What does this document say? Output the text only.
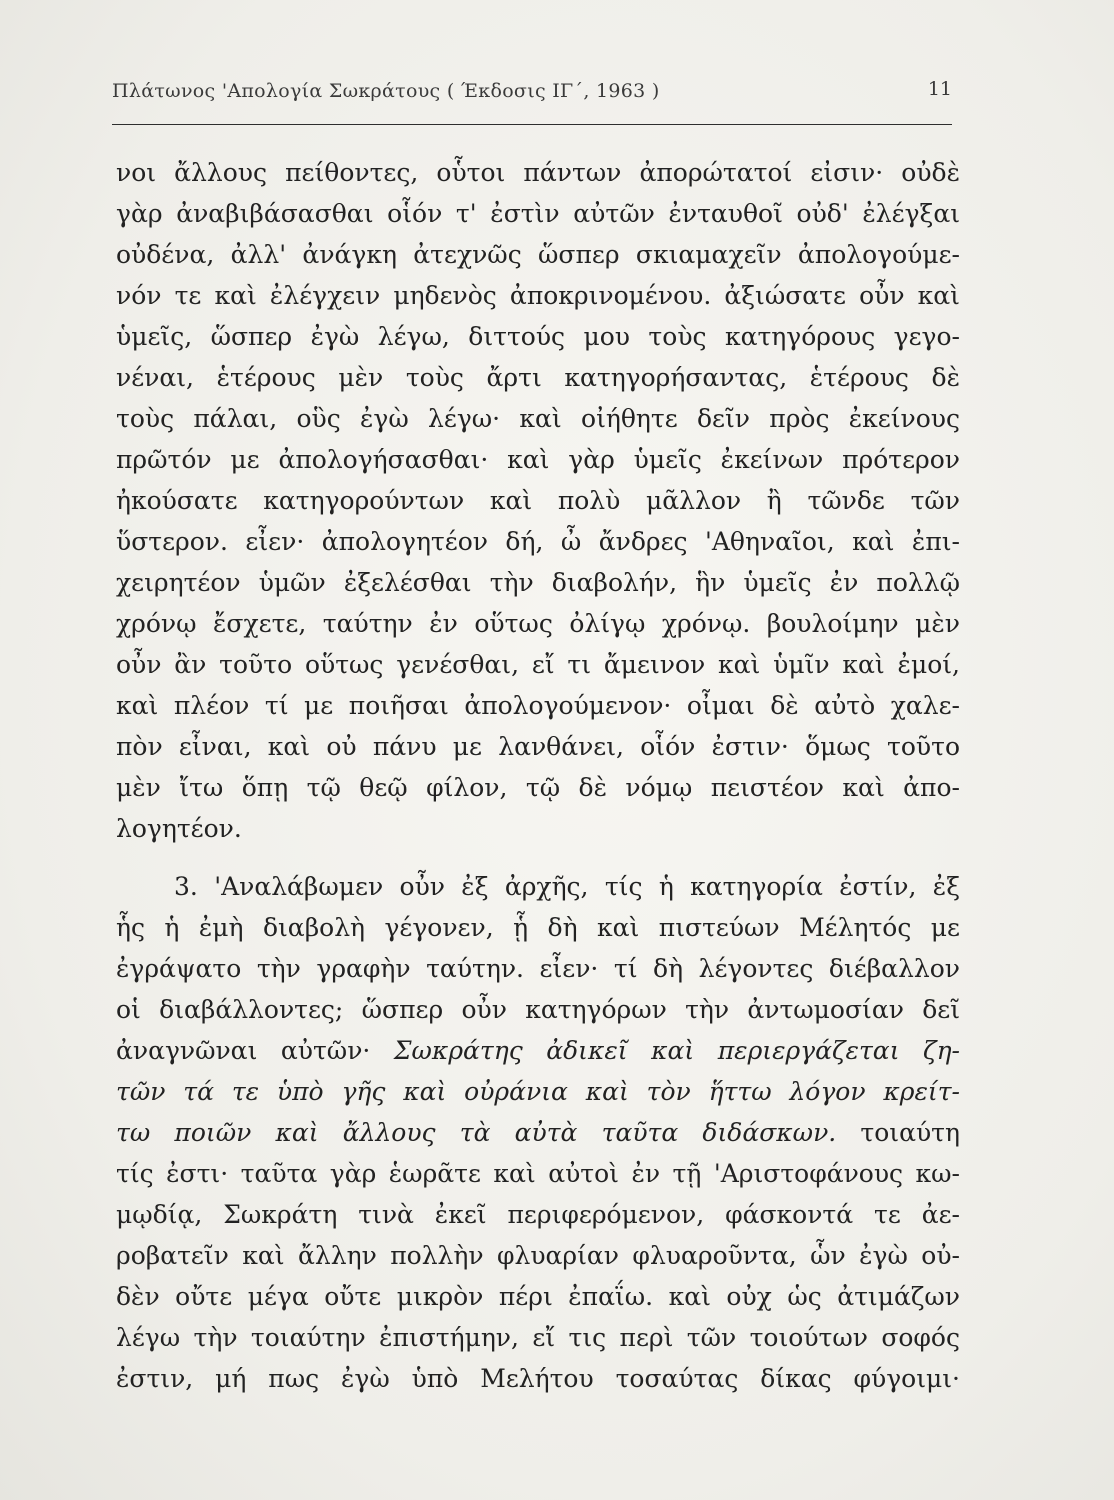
Πλάτωνος 'Απολογία Σωκράτους ( Έκδοσις ΙΓ΄, 1963 )	11
νοι ἄλλους πείθοντες, οὗτοι πάντων ἀπορώτατοί εἰσιν· οὐδὲ
γὰρ ἀναβιβάσασθαι οἷόν τ' ἐστὶν αὐτῶν ἐνταυθοῖ οὐδ' ἐλέγξαι
οὐδένα, ἀλλ' ἀνάγκη ἀτεχνῶς ὥσπερ σκιαμαχεῖν ἀπολογούμε-
νόν τε καὶ ἐλέγχειν μηδενὸς ἀποκρινομένου. ἀξιώσατε οὖν καὶ
ὑμεῖς, ὥσπερ ἐγὼ λέγω, διττούς μου τοὺς κατηγόρους γεγο-
νέναι, ἑτέρους μὲν τοὺς ἄρτι κατηγορήσαντας, ἑτέρους δὲ
τοὺς πάλαι, οὓς ἐγὼ λέγω· καὶ οἰήθητε δεῖν πρὸς ἐκείνους
πρῶτόν με ἀπολογήσασθαι· καὶ γὰρ ὑμεῖς ἐκείνων πρότερον
ἠκούσατε κατηγορούντων καὶ πολὺ μᾶλλον ἢ τῶνδε τῶν
ὕστερον. εἶεν· ἀπολογητέον δή, ὦ ἄνδρες 'Αθηναῖοι, καὶ ἐπι-
χειρητέον ὑμῶν ἐξελέσθαι τὴν διαβολήν, ἣν ὑμεῖς ἐν πολλῷ
χρόνῳ ἔσχετε, ταύτην ἐν οὕτως ὀλίγῳ χρόνῳ. βουλοίμην μὲν
οὖν ἂν τοῦτο οὕτως γενέσθαι, εἴ τι ἄμεινον καὶ ὑμῖν καὶ ἐμοί,
καὶ πλέον τί με ποιῆσαι ἀπολογούμενον· οἶμαι δὲ αὐτὸ χαλε-
πὸν εἶναι, καὶ οὐ πάνυ με λανθάνει, οἷόν ἐστιν· ὅμως τοῦτο
μὲν ἴτω ὅπῃ τῷ θεῷ φίλον, τῷ δὲ νόμῳ πειστέον καὶ ἀπο-
λογητέον.
3. 'Αναλάβωμεν οὖν ἐξ ἀρχῆς, τίς ἡ κατηγορία ἐστίν, ἐξ
ἧς ἡ ἐμὴ διαβολὴ γέγονεν, ᾗ δὴ καὶ πιστεύων Μέλητός με
ἐγράψατο τὴν γραφὴν ταύτην. εἶεν· τί δὴ λέγοντες διέβαλλον
οἱ διαβάλλοντες; ὥσπερ οὖν κατηγόρων τὴν ἀντωμοσίαν δεῖ
ἀναγνῶναι αὐτῶν· Σωκράτης ἀδικεῖ καὶ περιεργάζεται ζη-
τῶν τά τε ὑπὸ γῆς καὶ οὐράνια καὶ τὸν ἥττω λόγον κρείτ-
τω ποιῶν καὶ ἄλλους τὰ αὐτὰ ταῦτα διδάσκων. τοιαύτη
τίς ἐστι· ταῦτα γὰρ ἑωρᾶτε καὶ αὐτοὶ ἐν τῇ 'Αριστοφάνους κω-
μῳδίᾳ, Σωκράτη τινὰ ἐκεῖ περιφερόμενον, φάσκοντά τε ἀε-
ροβατεῖν καὶ ἄλλην πολλὴν φλυαρίαν φλυαροῦντα, ὧν ἐγὼ οὐ-
δὲν οὔτε μέγα οὔτε μικρὸν πέρι ἐπαΐω. καὶ οὐχ ὡς ἀτιμάζων
λέγω τὴν τοιαύτην ἐπιστήμην, εἴ τις περὶ τῶν τοιούτων σοφός
ἐστιν, μή πως ἐγὼ ὑπὸ Μελήτου τοσαύτας δίκας φύγοιμι·
